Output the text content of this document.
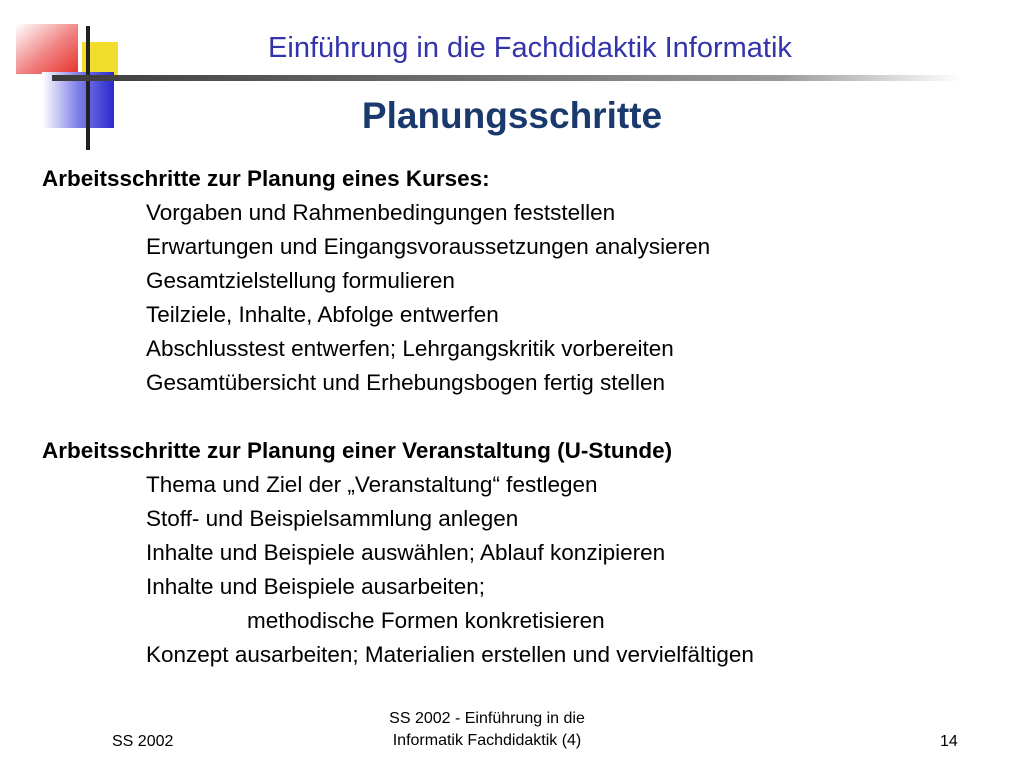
Einführung in die Fachdidaktik Informatik
Planungsschritte
Arbeitsschritte zur Planung eines Kurses:
Vorgaben und Rahmenbedingungen feststellen
Erwartungen und Eingangsvoraussetzungen analysieren
Gesamtzielstellung formulieren
Teilziele, Inhalte, Abfolge entwerfen
Abschlusstest entwerfen; Lehrgangskritik vorbereiten
Gesamtübersicht und Erhebungsbogen fertig stellen
Arbeitsschritte zur Planung einer Veranstaltung (U-Stunde)
Thema und Ziel der „Veranstaltung“ festlegen
Stoff- und Beispielsammlung anlegen
Inhalte und Beispiele auswählen; Ablauf konzipieren
Inhalte und Beispiele ausarbeiten;
methodische Formen konkretisieren
Konzept ausarbeiten; Materialien erstellen und vervielfältigen
SS 2002
SS 2002 - Einführung in die
Informatik Fachdidaktik (4)	14
